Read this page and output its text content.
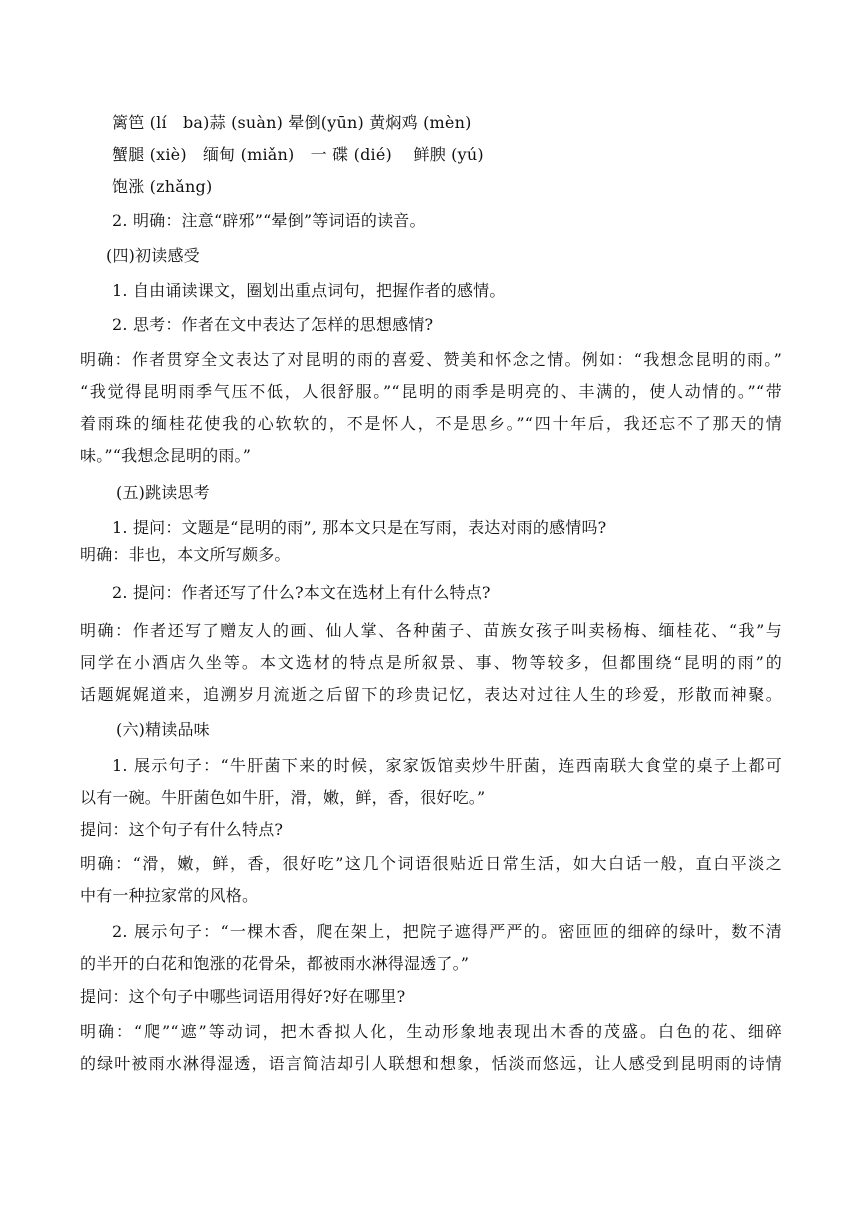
篱笆 (lí　ba)蒜 (suàn) 晕倒(yūn) 黄焖鸡 (mèn)
蟹腿 (xiè)　缅甸 (miǎn)　一 碟 (dié)　 鲜腴 (yú)
饱涨 (zhǎng)
2. 明确：注意“辟邪”“晕倒”等词语的读音。
(四)初读感受
1. 自由诵读课文，圈划出重点词句，把握作者的感情。
2. 思考：作者在文中表达了怎样的思想感情?
明确：作者贯穿全文表达了对昆明的雨的喜爱、赞美和怀念之情。例如：“我想念昆明的雨。”
“我觉得昆明雨季气压不低，人很舒服。”“昆明的雨季是明亮的、丰满的，使人动情的。”“带
着雨珠的缅桂花使我的心软软的，不是怀人，不是思乡。”“四十年后，我还忘不了那天的情
味。”“我想念昆明的雨。”
(五)跳读思考
1. 提问：文题是“昆明的雨”, 那本文只是在写雨，表达对雨的感情吗?
明确：非也，本文所写颇多。
2. 提问：作者还写了什么?本文在选材上有什么特点?
明确：作者还写了赠友人的画、仙人掌、各种菌子、苗族女孩子叫卖杨梅、缅桂花、“我”与
同学在小酒店久坐等。本文选材的特点是所叙景、事、物等较多，但都围绕“昆明的雨”的
话题娓娓道来，追溯岁月流逝之后留下的珍贵记忆，表达对过往人生的珍爱，形散而神聚。
(六)精读品味
1. 展示句子：“牛肝菌下来的时候，家家饭馆卖炒牛肝菌，连西南联大食堂的桌子上都可
以有一碗。牛肝菌色如牛肝，滑，嫩，鲜，香，很好吃。”
提问：这个句子有什么特点?
明确：“滑，嫩，鲜，香，很好吃”这几个词语很贴近日常生活，如大白话一般，直白平淡之
中有一种拉家常的风格。
2. 展示句子：“一棵木香，爬在架上，把院子遮得严严的。密匝匝的细碎的绿叶，数不清
的半开的白花和饱涨的花骨朵，都被雨水淋得湿透了。”
提问：这个句子中哪些词语用得好?好在哪里?
明确：“爬”“遮”等动词，把木香拟人化，生动形象地表现出木香的茂盛。白色的花、细碎
的绿叶被雨水淋得湿透，语言简洁却引人联想和想象，恬淡而悠远，让人感受到昆明雨的诗情
